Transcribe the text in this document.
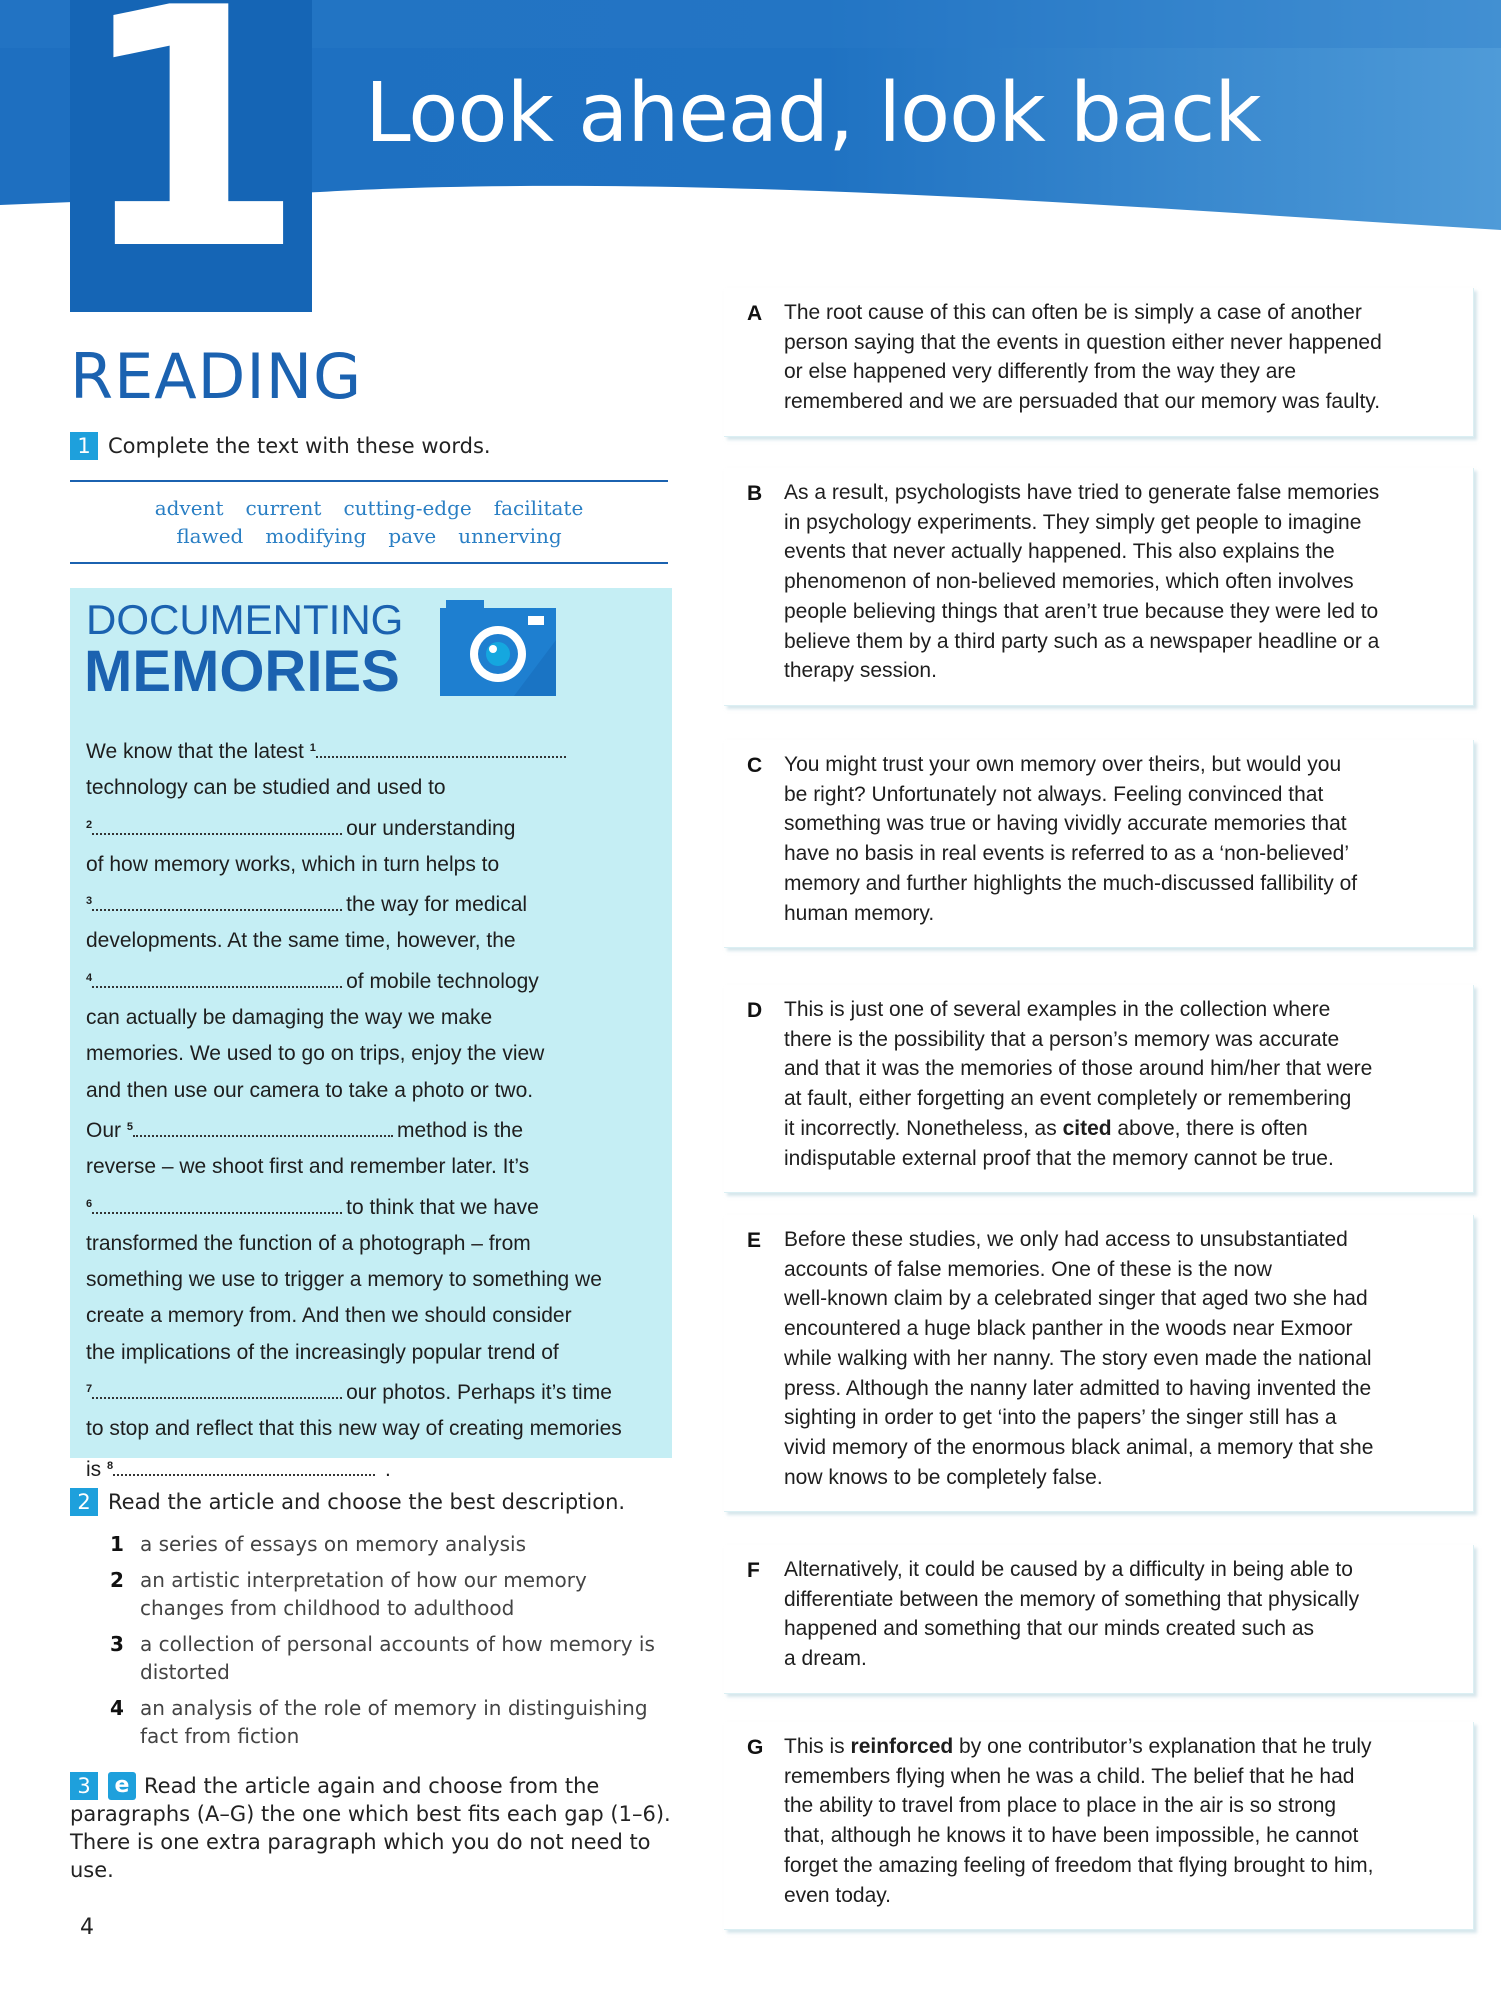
1 Look ahead, look back
READING
1 Complete the text with these words.
advent current cutting-edge facilitate
flawed modifying pave unnerving
DOCUMENTING
MEMORIES
We know that the latest $^1$
technology can be studied and used to
$^2$	our understanding
of how memory works, which in turn helps to
$^3$	the way for medical
developments. At the same time, however, the
$^4$	of mobile technology
can actually be damaging the way we make
memories. We used to go on trips, enjoy the view
and then use our camera to take a photo or two.
Our $^5$	method is the
reverse – we shoot first and remember later. It’s
$^6$	to think that we have
transformed the function of a photograph – from
something we use to trigger a memory to something we
create a memory from. And then we should consider
the implications of the increasingly popular trend of
$^7$	our photos. Perhaps it’s time
to stop and reflect that this new way of creating memories
is $^8$	.
2 Read the article and choose the best description.
1 a series of essays on memory analysis
2 an artistic interpretation of how our memory changes from childhood to adulthood
3 a collection of personal accounts of how memory is distorted
4 an analysis of the role of memory in distinguishing fact from fiction
3 e Read the article again and choose from the paragraphs (A–G) the one which best fits each gap (1–6). There is one extra paragraph which you do not need to use.
4
A The root cause of this can often be is simply a case of another
person saying that the events in question either never happened
or else happened very differently from the way they are
remembered and we are persuaded that our memory was faulty.
B As a result, psychologists have tried to generate false memories
in psychology experiments. They simply get people to imagine
events that never actually happened. This also explains the
phenomenon of non-believed memories, which often involves
people believing things that aren’t true because they were led to
believe them by a third party such as a newspaper headline or a
therapy session.
C You might trust your own memory over theirs, but would you
be right? Unfortunately not always. Feeling convinced that
something was true or having vividly accurate memories that
have no basis in real events is referred to as a ‘non-believed’
memory and further highlights the much-discussed fallibility of
human memory.
D This is just one of several examples in the collection where
there is the possibility that a person’s memory was accurate
and that it was the memories of those around him/her that were
at fault, either forgetting an event completely or remembering
it incorrectly. Nonetheless, as cited above, there is often
indisputable external proof that the memory cannot be true.
E Before these studies, we only had access to unsubstantiated
accounts of false memories. One of these is the now
well-known claim by a celebrated singer that aged two she had
encountered a huge black panther in the woods near Exmoor
while walking with her nanny. The story even made the national
press. Although the nanny later admitted to having invented the
sighting in order to get ‘into the papers’ the singer still has a
vivid memory of the enormous black animal, a memory that she
now knows to be completely false.
F Alternatively, it could be caused by a difficulty in being able to
differentiate between the memory of something that physically
happened and something that our minds created such as
a dream.
G This is reinforced by one contributor’s explanation that he truly
remembers flying when he was a child. The belief that he had
the ability to travel from place to place in the air is so strong
that, although he knows it to have been impossible, he cannot
forget the amazing feeling of freedom that flying brought to him,
even today.
